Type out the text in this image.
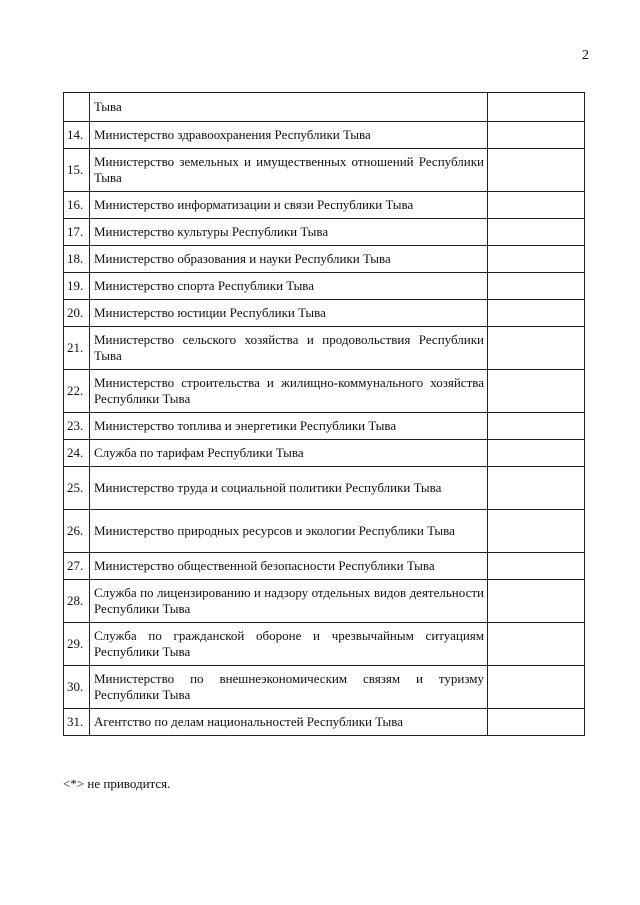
2
	Тыва	
14.	Министерство здравоохранения Республики Тыва	
15.	Министерство земельных и имущественных отношений Республики Тыва	
16.	Министерство информатизации и связи Республики Тыва	
17.	Министерство культуры Республики Тыва	
18.	Министерство образования и науки Республики Тыва	
19.	Министерство спорта Республики Тыва	
20.	Министерство юстиции Республики Тыва	
21.	Министерство сельского хозяйства и продовольствия Республики Тыва	
22.	Министерство строительства и жилищно-коммунального хозяйства Республики Тыва	
23.	Министерство топлива и энергетики Республики Тыва	
24.	Служба по тарифам Республики Тыва	
25.	Министерство труда и социальной политики Республики Тыва	
26.	Министерство природных ресурсов и экологии Республики Тыва	
27.	Министерство общественной безопасности Республики Тыва	
28.	Служба по лицензированию и надзору отдельных видов деятельности Республики Тыва	
29.	Служба по гражданской обороне и чрезвычайным ситуациям Республики Тыва	
30.	Министерство по внешнеэкономическим связям и туризму Республики Тыва	
31.	Агентство по делам национальностей Республики Тыва	
<*> не приводится.
